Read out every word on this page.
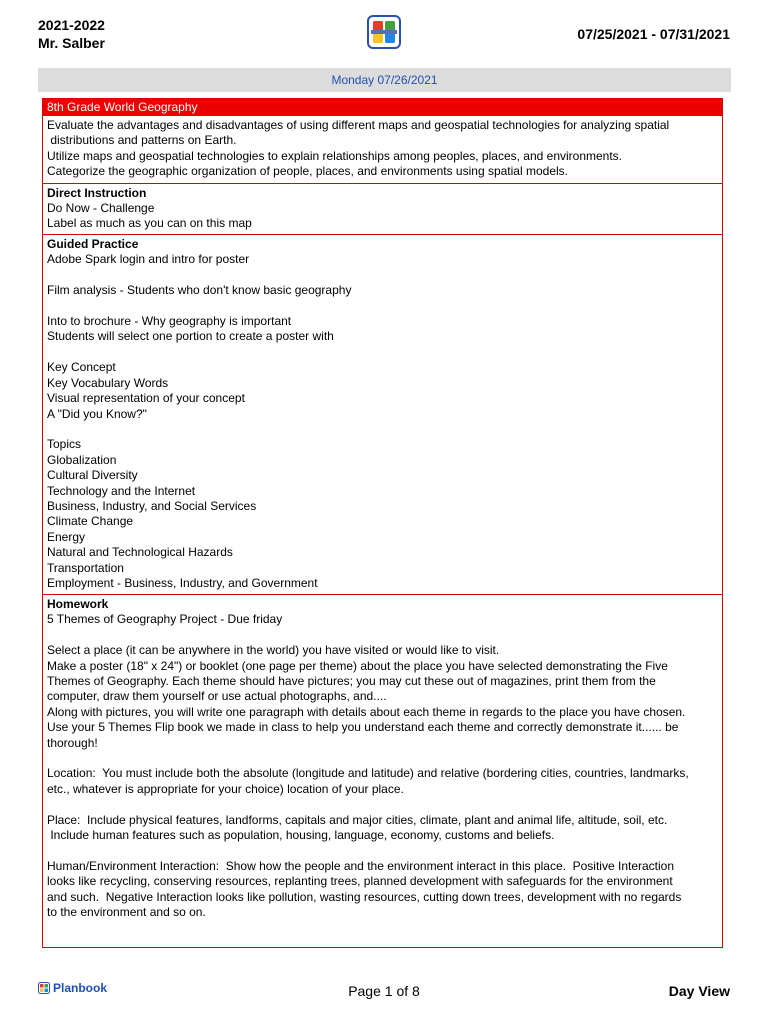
2021-2022
Mr. Salber
07/25/2021 - 07/31/2021
Monday 07/26/2021
8th Grade World Geography
Evaluate the advantages and disadvantages of using different maps and geospatial technologies for analyzing spatial
distributions and patterns on Earth.
Utilize maps and geospatial technologies to explain relationships among peoples, places, and environments.
Categorize the geographic organization of people, places, and environments using spatial models.
Direct Instruction
Do Now - Challenge
Label as much as you can on this map
Guided Practice
Adobe Spark login and intro for poster

Film analysis - Students who don't know basic geography

Into to brochure - Why geography is important
Students will select one portion to create a poster with

Key Concept
Key Vocabulary Words
Visual representation of your concept
A "Did you Know?"

Topics
Globalization
Cultural Diversity
Technology and the Internet
Business, Industry, and Social Services
Climate Change
Energy
Natural and Technological Hazards
Transportation
Employment - Business, Industry, and Government

Homework
5 Themes of Geography Project - Due friday

Select a place (it can be anywhere in the world) you have visited or would like to visit.
Make a poster (18" x 24") or booklet (one page per theme) about the place you have selected demonstrating the Five
Themes of Geography. Each theme should have pictures; you may cut these out of magazines, print them from the
computer, draw them yourself or use actual photographs, and....
Along with pictures, you will write one paragraph with details about each theme in regards to the place you have chosen.
Use your 5 Themes Flip book we made in class to help you understand each theme and correctly demonstrate it...... be
thorough!

Location:  You must include both the absolute (longitude and latitude) and relative (bordering cities, countries, landmarks,
etc., whatever is appropriate for your choice) location of your place.

Place:  Include physical features, landforms, capitals and major cities, climate, plant and animal life, altitude, soil, etc.
Include human features such as population, housing, language, economy, customs and beliefs.

Human/Environment Interaction:  Show how the people and the environment interact in this place.  Positive Interaction
looks like recycling, conserving resources, replanting trees, planned development with safeguards for the environment
and such.  Negative Interaction looks like pollution, wasting resources, cutting down trees, development with no regards
to the environment and so on.
Planbook	Page 1 of 8	Day View
